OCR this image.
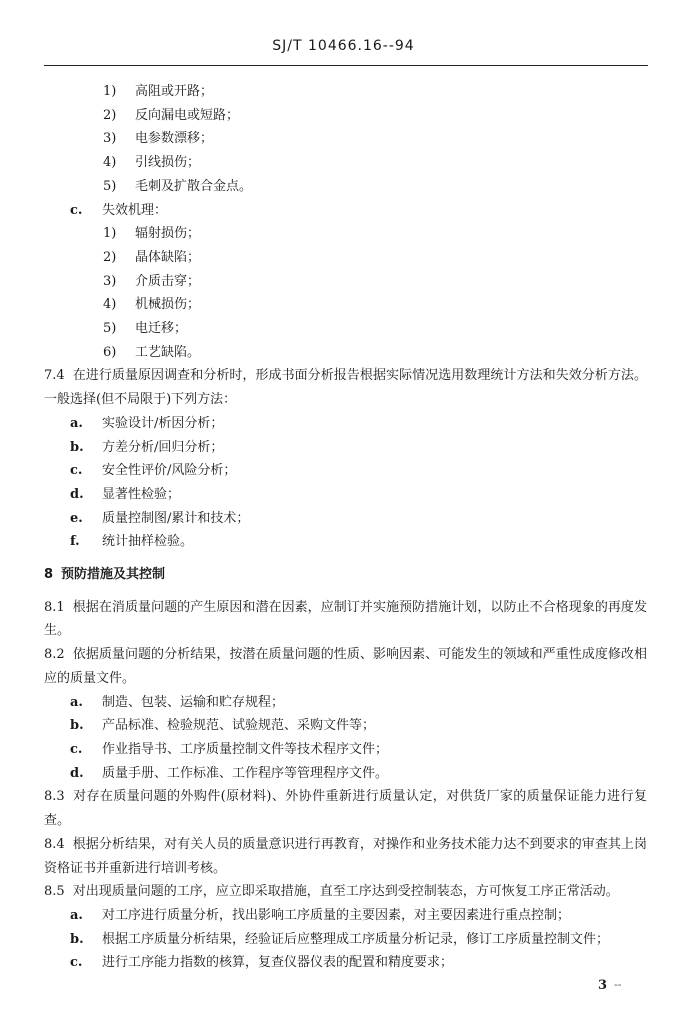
SJ/T 10466.16--94
1) 高阻或开路；
2) 反向漏电或短路；
3) 电参数漂移；
4) 引线损伤；
5) 毛刺及扩散合金点。
c. 失效机理：
1) 辐射损伤；
2) 晶体缺陷；
3) 介质击穿；
4) 机械损伤；
5) 电迁移；
6) 工艺缺陷。
7.4 在进行质量原因调查和分析时，形成书面分析报告根据实际情况选用数理统计方法和失效分析方法。一般选择(但不局限于)下列方法：
a. 实验设计/析因分析；
b. 方差分析/回归分析；
c. 安全性评价/风险分析；
d. 显著性检验；
e. 质量控制图/累计和技术；
f. 统计抽样检验。
8 预防措施及其控制
8.1 根据在消质量问题的产生原因和潜在因素，应制订并实施预防措施计划，以防止不合格现象的再度发生。
8.2 依据质量问题的分析结果，按潜在质量问题的性质、影响因素、可能发生的领域和严重性成度修改相应的质量文件。
a. 制造、包装、运输和贮存规程；
b. 产品标准、检验规范、试验规范、采购文件等；
c. 作业指导书、工序质量控制文件等技术程序文件；
d. 质量手册、工作标准、工作程序等管理程序文件。
8.3 对存在质量问题的外购件(原材料)、外协件重新进行质量认定，对供货厂家的质量保证能力进行复查。
8.4 根据分析结果，对有关人员的质量意识进行再教育，对操作和业务技术能力达不到要求的审查其上岗资格证书并重新进行培训考核。
8.5 对出现质量问题的工序，应立即采取措施，直至工序达到受控制装态，方可恢复工序正常活动。
a. 对工序进行质量分析，找出影响工序质量的主要因素，对主要因素进行重点控制；
b. 根据工序质量分析结果，经验证后应整理成工序质量分析记录，修订工序质量控制文件；
c. 进行工序能力指数的核算，复查仪器仪表的配置和精度要求；
3 --
